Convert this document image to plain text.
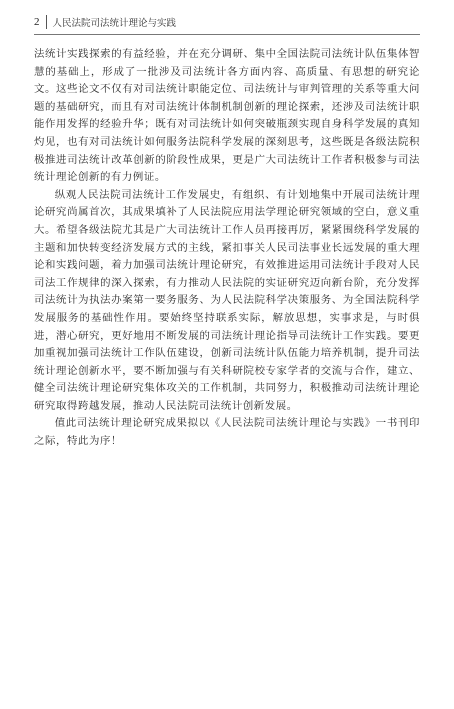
2 人民法院司法统计理论与实践

法统计实践探索的有益经验，并在充分调研、集中全国法院司法统计队伍集体智慧的基础上，形成了一批涉及司法统计各方面内容、高质量、有思想的研究论文。这些论文不仅有对司法统计职能定位、司法统计与审判管理的关系等重大问题的基础研究，而且有对司法统计体制机制创新的理论探索，还涉及司法统计职能作用发挥的经验升华；既有对司法统计如何突破瓶颈实现自身科学发展的真知灼见，也有对司法统计如何服务法院科学发展的深刻思考，这些既是各级法院积极推进司法统计改革创新的阶段性成果，更是广大司法统计工作者积极参与司法统计理论创新的有力例证。

纵观人民法院司法统计工作发展史，有组织、有计划地集中开展司法统计理论研究尚属首次，其成果填补了人民法院应用法学理论研究领域的空白，意义重大。希望各级法院尤其是广大司法统计工作人员再接再厉，紧紧围绕科学发展的主题和加快转变经济发展方式的主线，紧扣事关人民司法事业长远发展的重大理论和实践问题，着力加强司法统计理论研究，有效推进运用司法统计手段对人民司法工作规律的深入探索，有力推动人民法院的实证研究迈向新台阶，充分发挥司法统计为执法办案第一要务服务、为人民法院科学决策服务、为全国法院科学发展服务的基础性作用。要始终坚持联系实际，解放思想，实事求是，与时俱进，潜心研究，更好地用不断发展的司法统计理论指导司法统计工作实践。要更加重视加强司法统计工作队伍建设，创新司法统计队伍能力培养机制，提升司法统计理论创新水平，要不断加强与有关科研院校专家学者的交流与合作，建立、健全司法统计理论研究集体攻关的工作机制，共同努力，积极推动司法统计理论研究取得跨越发展，推动人民法院司法统计创新发展。

值此司法统计理论研究成果拟以《人民法院司法统计理论与实践》一书刊印之际，特此为序！
